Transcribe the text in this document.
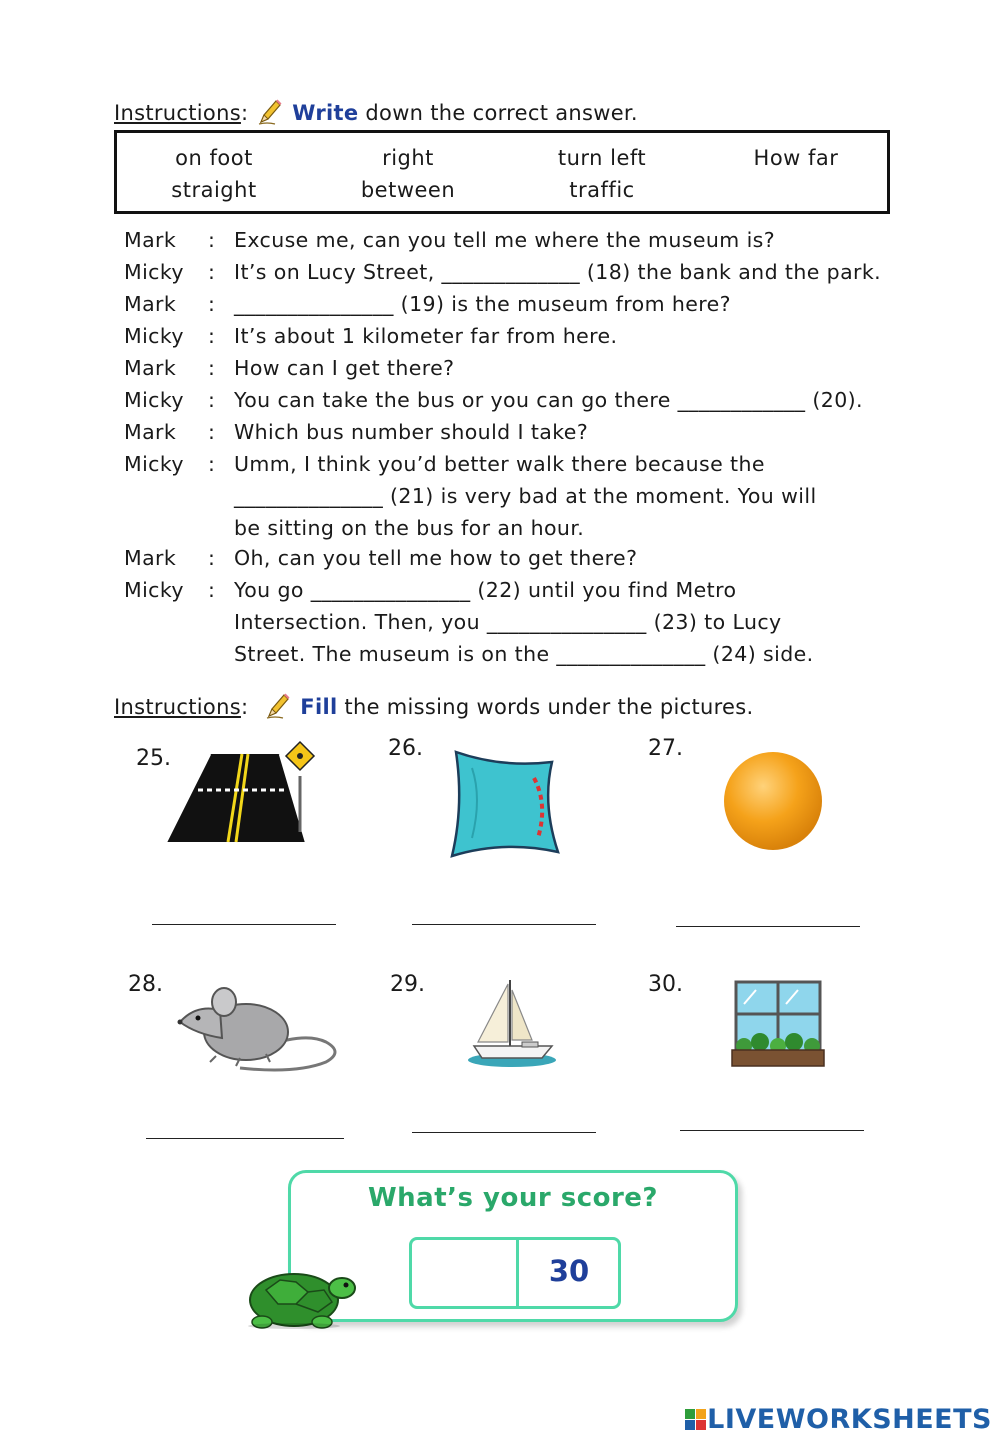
Instructions: Write down the correct answer.
on foot	right	turn left	How far
straight	between	traffic
Mark	: Excuse me, can you tell me where the museum is?
Micky	: It’s on Lucy Street, _____________ (18) the bank and the park.
Mark	: _______________ (19) is the museum from here?
Micky	: It’s about 1 kilometer far from here.
Mark	: How can I get there?
Micky	: You can take the bus or you can go there ____________ (20).
Mark	: Which bus number should I take?
Micky	: Umm, I think you’d better walk there because the
______________ (21) is very bad at the moment. You will
be sitting on the bus for an hour.
Mark	: Oh, can you tell me how to get there?
Micky	: You go _______________ (22) until you find Metro
Intersection. Then, you _______________ (23) to Lucy
Street. The museum is on the ______________ (24) side.
Instructions: Fill the missing words under the pictures.
25.	26.	27.
28.	29.	30.
What’s your score?
30
LIVEWORKSHEETS
